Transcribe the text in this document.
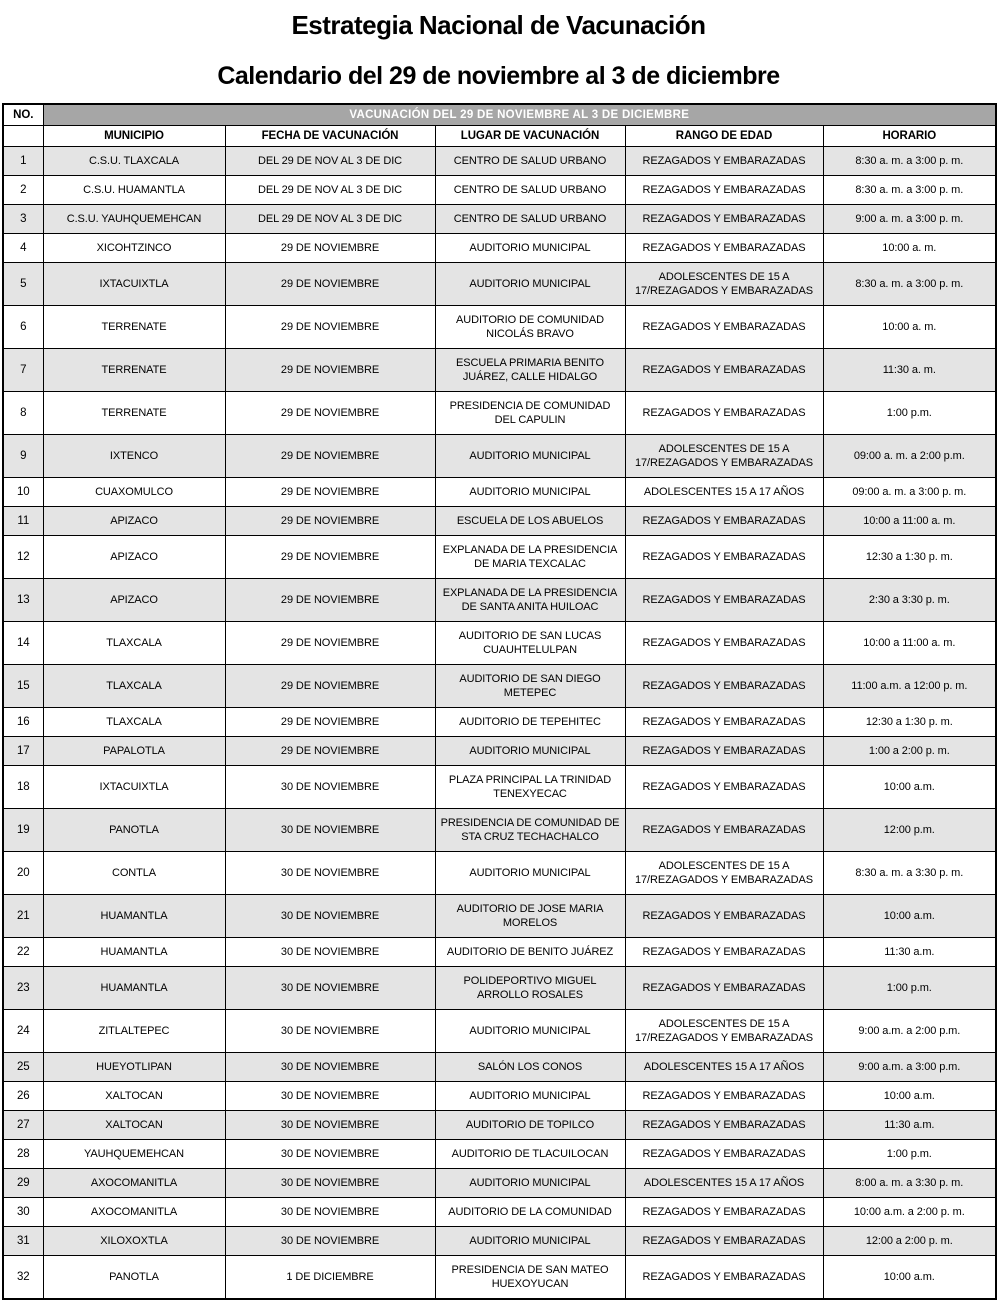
Estrategia Nacional de Vacunación
Calendario del 29 de noviembre al 3 de diciembre
NO.	VACUNACIÓN DEL 29 DE NOVIEMBRE AL 3 DE DICIEMBRE				
	MUNICIPIO	FECHA DE VACUNACIÓN	LUGAR DE VACUNACIÓN	RANGO DE EDAD	HORARIO
1	C.S.U. TLAXCALA	DEL 29 DE NOV AL 3 DE DIC	CENTRO DE SALUD URBANO	REZAGADOS Y EMBARAZADAS	8:30 a. m. a 3:00 p. m.
2	C.S.U. HUAMANTLA	DEL 29 DE NOV AL 3 DE DIC	CENTRO DE SALUD URBANO	REZAGADOS Y EMBARAZADAS	8:30 a. m. a 3:00 p. m.
3	C.S.U. YAUHQUEMEHCAN	DEL 29 DE NOV AL 3 DE DIC	CENTRO DE SALUD URBANO	REZAGADOS Y EMBARAZADAS	9:00 a. m. a 3:00 p. m.
4	XICOHTZINCO	29 DE NOVIEMBRE	AUDITORIO MUNICIPAL	REZAGADOS Y EMBARAZADAS	10:00 a. m.
5	IXTACUIXTLA	29 DE NOVIEMBRE	AUDITORIO MUNICIPAL	ADOLESCENTES DE 15 A 17/REZAGADOS Y EMBARAZADAS	8:30 a. m. a 3:00 p. m.
6	TERRENATE	29 DE NOVIEMBRE	AUDITORIO DE COMUNIDAD NICOLÁS BRAVO	REZAGADOS Y EMBARAZADAS	10:00 a. m.
7	TERRENATE	29 DE NOVIEMBRE	ESCUELA PRIMARIA BENITO JUÁREZ, CALLE HIDALGO	REZAGADOS Y EMBARAZADAS	11:30 a. m.
8	TERRENATE	29 DE NOVIEMBRE	PRESIDENCIA DE COMUNIDAD DEL CAPULIN	REZAGADOS Y EMBARAZADAS	1:00 p.m.
9	IXTENCO	29 DE NOVIEMBRE	AUDITORIO MUNICIPAL	ADOLESCENTES DE 15 A 17/REZAGADOS Y EMBARAZADAS	09:00 a. m. a 2:00 p.m.
10	CUAXOMULCO	29 DE NOVIEMBRE	AUDITORIO MUNICIPAL	ADOLESCENTES 15 A 17 AÑOS	09:00 a. m. a 3:00 p. m.
11	APIZACO	29 DE NOVIEMBRE	ESCUELA DE LOS ABUELOS	REZAGADOS Y EMBARAZADAS	10:00 a 11:00 a. m.
12	APIZACO	29 DE NOVIEMBRE	EXPLANADA DE LA PRESIDENCIA DE MARIA TEXCALAC	REZAGADOS Y EMBARAZADAS	12:30 a 1:30 p. m.
13	APIZACO	29 DE NOVIEMBRE	EXPLANADA DE LA PRESIDENCIA DE SANTA ANITA HUILOAC	REZAGADOS Y EMBARAZADAS	2:30 a 3:30 p. m.
14	TLAXCALA	29 DE NOVIEMBRE	AUDITORIO DE SAN LUCAS CUAUHTELULPAN	REZAGADOS Y EMBARAZADAS	10:00 a 11:00 a. m.
15	TLAXCALA	29 DE NOVIEMBRE	AUDITORIO DE SAN DIEGO METEPEC	REZAGADOS Y EMBARAZADAS	11:00 a.m. a 12:00 p. m.
16	TLAXCALA	29 DE NOVIEMBRE	AUDITORIO DE TEPEHITEC	REZAGADOS Y EMBARAZADAS	12:30 a 1:30 p. m.
17	PAPALOTLA	29 DE NOVIEMBRE	AUDITORIO MUNICIPAL	REZAGADOS Y EMBARAZADAS	1:00 a 2:00 p. m.
18	IXTACUIXTLA	30 DE NOVIEMBRE	PLAZA PRINCIPAL LA TRINIDAD TENEXYECAC	REZAGADOS Y EMBARAZADAS	10:00 a.m.
19	PANOTLA	30 DE NOVIEMBRE	PRESIDENCIA DE COMUNIDAD DE STA CRUZ TECHACHALCO	REZAGADOS Y EMBARAZADAS	12:00 p.m.
20	CONTLA	30 DE NOVIEMBRE	AUDITORIO MUNICIPAL	ADOLESCENTES DE 15 A 17/REZAGADOS Y EMBARAZADAS	8:30 a. m. a 3:30 p. m.
21	HUAMANTLA	30 DE NOVIEMBRE	AUDITORIO DE JOSE MARIA MORELOS	REZAGADOS Y EMBARAZADAS	10:00 a.m.
22	HUAMANTLA	30 DE NOVIEMBRE	AUDITORIO DE BENITO JUÁREZ	REZAGADOS Y EMBARAZADAS	11:30 a.m.
23	HUAMANTLA	30 DE NOVIEMBRE	POLIDEPORTIVO MIGUEL ARROLLO ROSALES	REZAGADOS Y EMBARAZADAS	1:00 p.m.
24	ZITLALTEPEC	30 DE NOVIEMBRE	AUDITORIO MUNICIPAL	ADOLESCENTES DE 15 A 17/REZAGADOS Y EMBARAZADAS	9:00 a.m. a 2:00 p.m.
25	HUEYOTLIPAN	30 DE NOVIEMBRE	SALÓN LOS CONOS	ADOLESCENTES 15 A 17 AÑOS	9:00 a.m. a 3:00 p.m.
26	XALTOCAN	30 DE NOVIEMBRE	AUDITORIO MUNICIPAL	REZAGADOS Y EMBARAZADAS	10:00 a.m.
27	XALTOCAN	30 DE NOVIEMBRE	AUDITORIO DE TOPILCO	REZAGADOS Y EMBARAZADAS	11:30 a.m.
28	YAUHQUEMEHCAN	30 DE NOVIEMBRE	AUDITORIO DE TLACUILOCAN	REZAGADOS Y EMBARAZADAS	1:00 p.m.
29	AXOCOMANITLA	30 DE NOVIEMBRE	AUDITORIO MUNICIPAL	ADOLESCENTES 15 A 17 AÑOS	8:00 a. m. a 3:30 p. m.
30	AXOCOMANITLA	30 DE NOVIEMBRE	AUDITORIO DE LA COMUNIDAD	REZAGADOS Y EMBARAZADAS	10:00 a.m. a 2:00 p. m.
31	XILOXOXTLA	30 DE NOVIEMBRE	AUDITORIO MUNICIPAL	REZAGADOS Y EMBARAZADAS	12:00 a 2:00 p. m.
32	PANOTLA	1 DE DICIEMBRE	PRESIDENCIA DE SAN MATEO HUEXOYUCAN	REZAGADOS Y EMBARAZADAS	10:00 a.m.
